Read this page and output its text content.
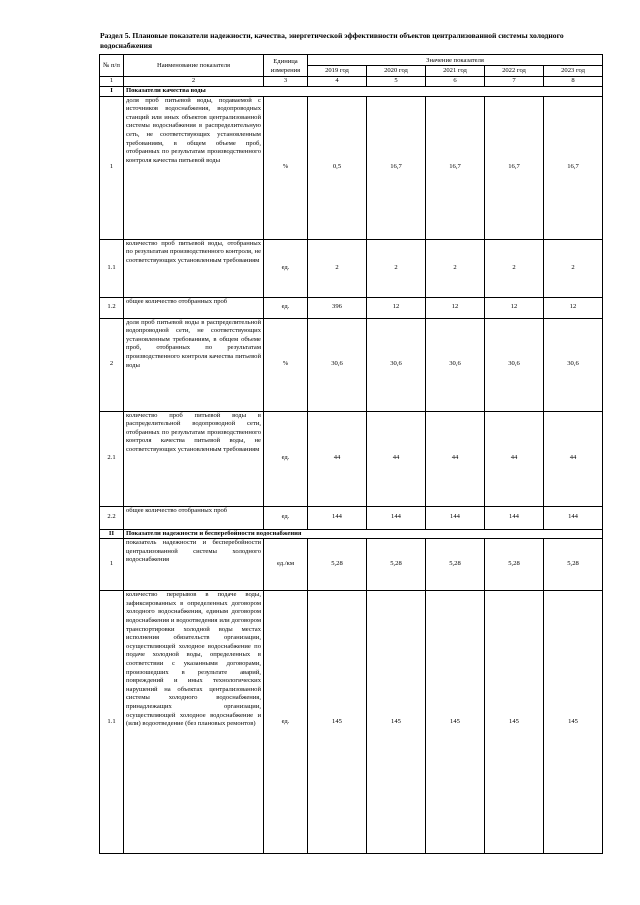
Раздел 5. Плановые показатели надежности, качества, энергетической эффективности объектов централизованной системы холодного водоснабжения
№ п/п	Наименование показателя	Единица измерения	Значение показателя				
			2019 год	2020 год	2021 год	2022 год	2023 год
1	2	3	4	5	6	7	8
I	Показатели качества воды						
1	доля проб питьевой воды, подаваемой с источников водоснабжения, водопроводных станций или иных объектов централизованной системы водоснабжения в распределительную сеть, не соответствующих установленным требованиям, в общем объеме проб, отобранных по результатам производственного контроля качества питьевой воды	%	0,5	16,7	16,7	16,7	16,7
1.1	количество проб питьевой воды, отобранных по результатам производственного контроля, не соответствующих установленным требованиям	ед.	2	2	2	2	2
1.2	общее количество отобранных проб	ед.	396	12	12	12	12
2	доля проб питьевой воды в распределительной водопроводной сети, не соответствующих установленным требованиям, в общем объеме проб, отобранных по результатам производственного контроля качества питьевой воды	%	30,6	30,6	30,6	30,6	30,6
2.1	количество проб питьевой воды в распределительной водопроводной сети, отобранных по результатам производственного контроля качества питьевой воды, не соответствующих установленным требованиям	ед.	44	44	44	44	44
2.2	общее количество отобранных проб	ед.	144	144	144	144	144
II	Показатели надежности и бесперебойности водоснабжения						
1	показатель надежности и бесперебойности централизованной системы холодного водоснабжения	ед./км	5,28	5,28	5,28	5,28	5,28
1.1	количество перерывов в подаче воды, зафиксированных в определенных договором холодного водоснабжения, единым договором водоснабжения и водоотведения или договором транспортировки холодной воды местах исполнения обязательств организации, осуществляющей холодное водоснабжение по подаче холодной воды, определенных в соответствии с указанными договорами, произошедших в результате аварий, повреждений и иных технологических нарушений на объектах централизованной системы холодного водоснабжения, принадлежащих организации, осуществляющей холодное водоснабжение и (или) водоотведение (без плановых ремонтов)	ед.	145	145	145	145	145
